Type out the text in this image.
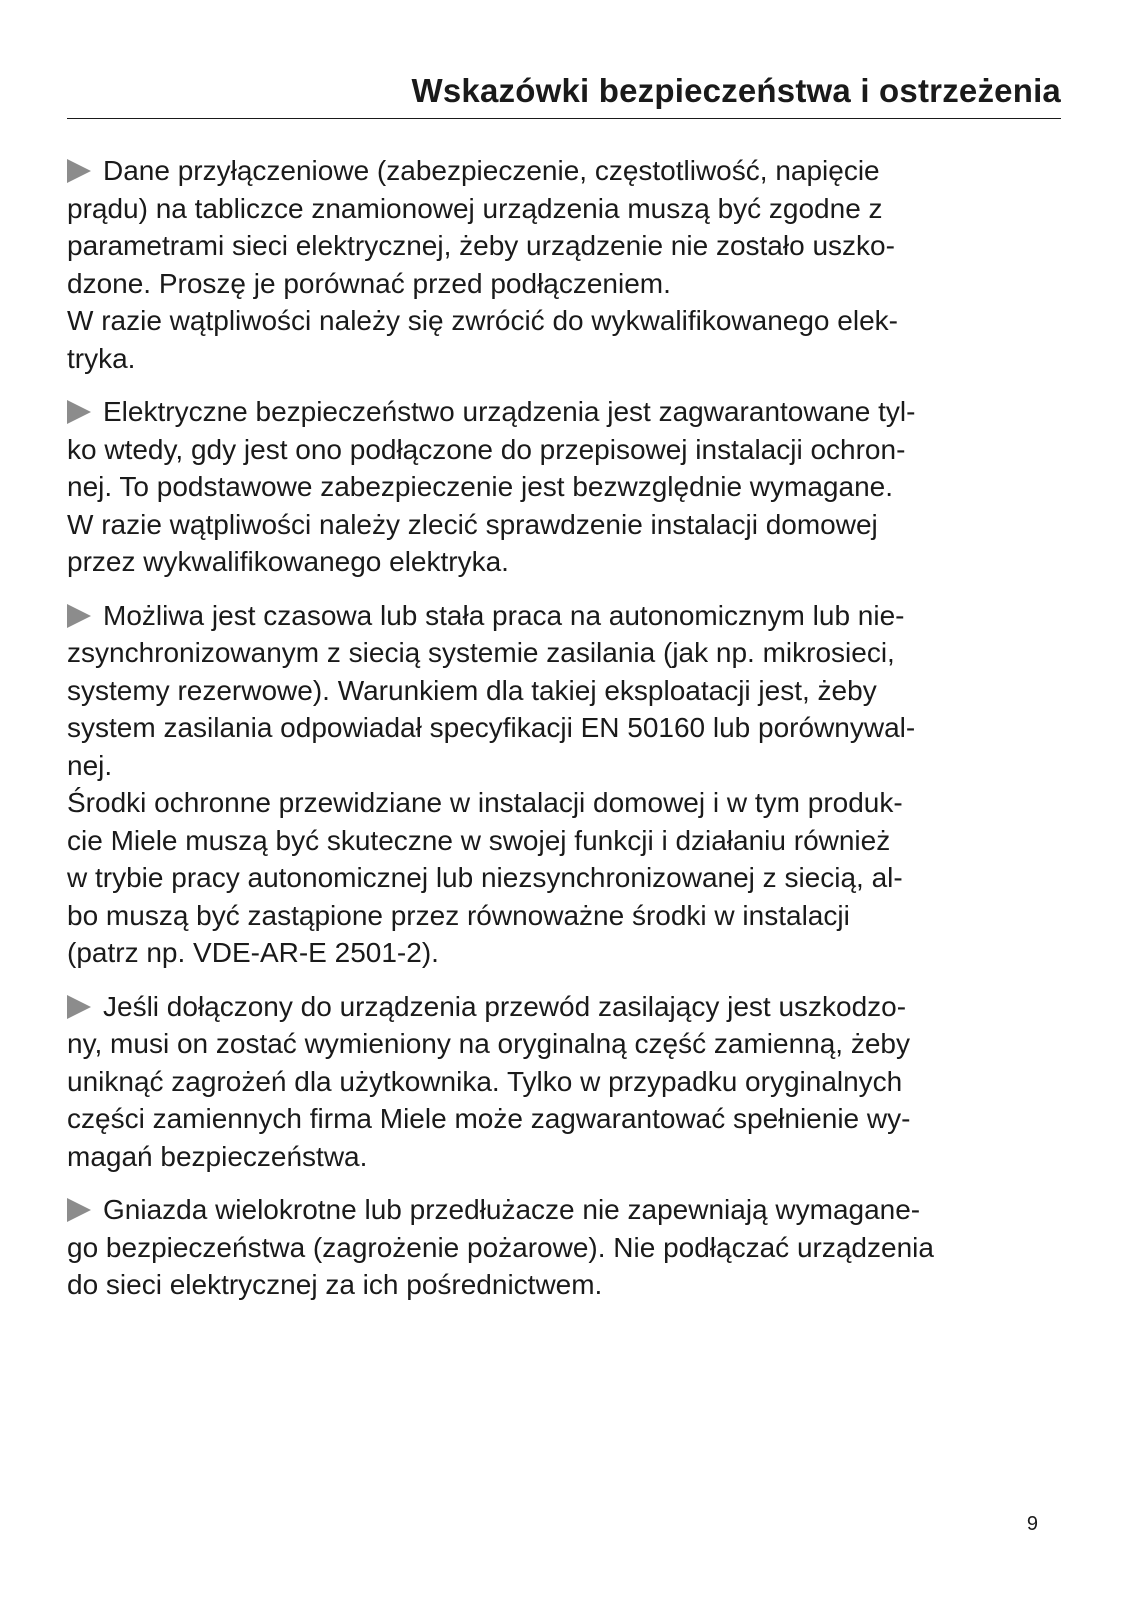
Wskazówki bezpieczeństwa i ostrzeżenia
Dane przyłączeniowe (zabezpieczenie, częstotliwość, napięcie
prądu) na tabliczce znamionowej urządzenia muszą być zgodne z
parametrami sieci elektrycznej, żeby urządzenie nie zostało uszko-
dzone. Proszę je porównać przed podłączeniem.
W razie wątpliwości należy się zwrócić do wykwalifikowanego elek-
tryka.
Elektryczne bezpieczeństwo urządzenia jest zagwarantowane tyl-
ko wtedy, gdy jest ono podłączone do przepisowej instalacji ochron-
nej. To podstawowe zabezpieczenie jest bezwzględnie wymagane.
W razie wątpliwości należy zlecić sprawdzenie instalacji domowej
przez wykwalifikowanego elektryka.
Możliwa jest czasowa lub stała praca na autonomicznym lub nie-
zsynchronizowanym z siecią systemie zasilania (jak np. mikrosieci,
systemy rezerwowe). Warunkiem dla takiej eksploatacji jest, żeby
system zasilania odpowiadał specyfikacji EN 50160 lub porównywal-
nej.
Środki ochronne przewidziane w instalacji domowej i w tym produk-
cie Miele muszą być skuteczne w swojej funkcji i działaniu również
w trybie pracy autonomicznej lub niezsynchronizowanej z siecią, al-
bo muszą być zastąpione przez równoważne środki w instalacji
(patrz np. VDE-AR-E 2501-2).
Jeśli dołączony do urządzenia przewód zasilający jest uszkodzo-
ny, musi on zostać wymieniony na oryginalną część zamienną, żeby
uniknąć zagrożeń dla użytkownika. Tylko w przypadku oryginalnych
części zamiennych firma Miele może zagwarantować spełnienie wy-
magań bezpieczeństwa.
Gniazda wielokrotne lub przedłużacze nie zapewniają wymagane-
go bezpieczeństwa (zagrożenie pożarowe). Nie podłączać urządzenia
do sieci elektrycznej za ich pośrednictwem.
9
